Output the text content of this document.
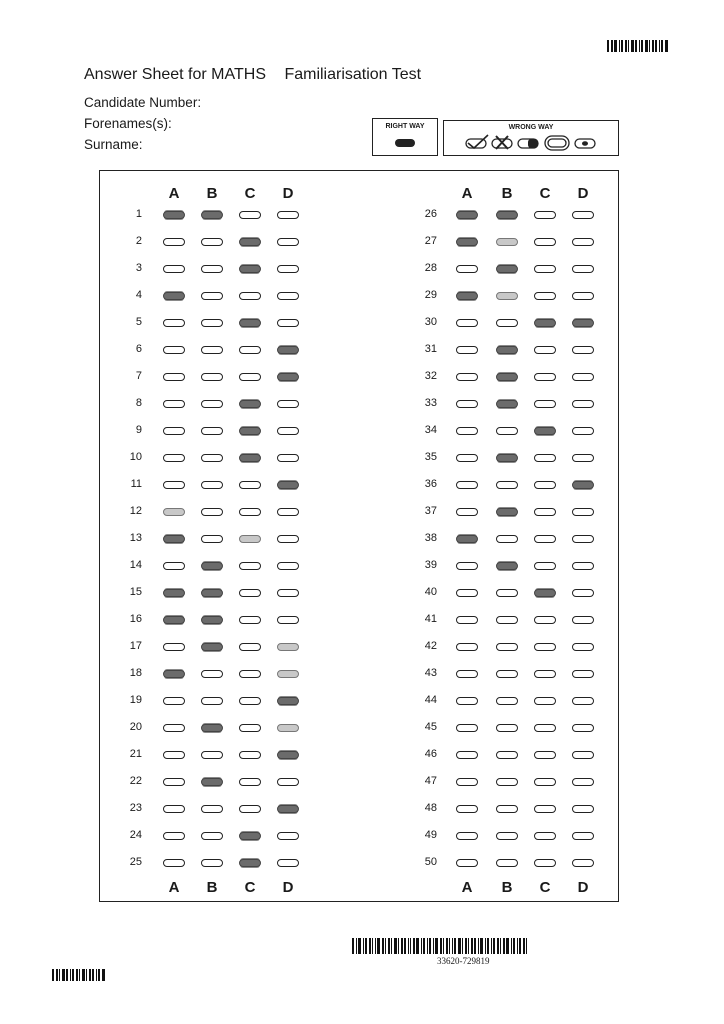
Answer Sheet for MATHS Familiarisation Test
Candidate Number:
Forenames(s):
Surname:
RIGHT WAY	WRONG WAY
A
A
A
A
B
B
B
B
C
C
C
C
D
D
D
D
1
2
3
4
5
6
7
8
9
10
11
12
13
14
15
16
17
18
19
20
21
22
23
24
25
26
27
28
29
30
31
32
33
34
35
36
37
38
39
40
41
42
43
44
45
46
47
48
49
50
33620-729819
